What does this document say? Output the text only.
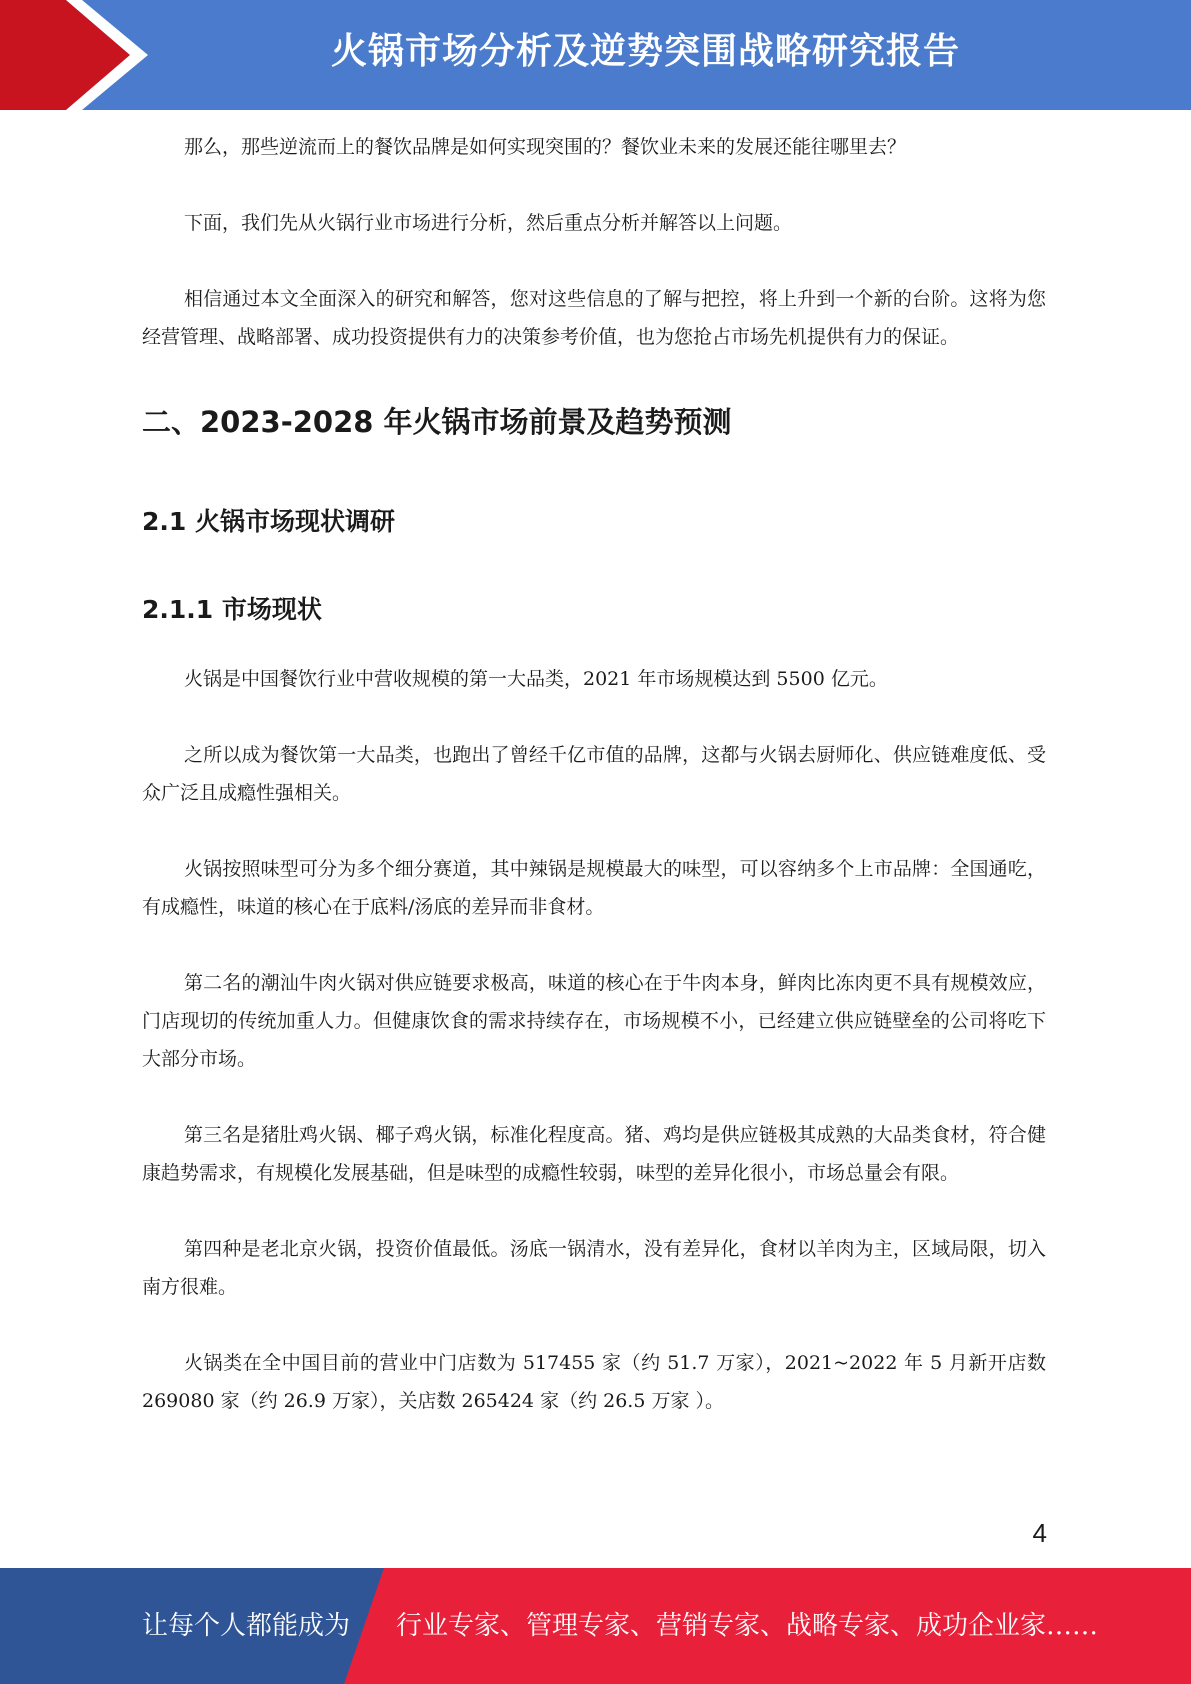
火锅市场分析及逆势突围战略研究报告

那么，那些逆流而上的餐饮品牌是如何实现突围的？餐饮业未来的发展还能往哪里去？

下面，我们先从火锅行业市场进行分析，然后重点分析并解答以上问题。

相信通过本文全面深入的研究和解答，您对这些信息的了解与把控，将上升到一个新的台阶。这将为您经营管理、战略部署、成功投资提供有力的决策参考价值，也为您抢占市场先机提供有力的保证。

二、2023-2028 年火锅市场前景及趋势预测
2.1 火锅市场现状调研
2.1.1 市场现状

火锅是中国餐饮行业中营收规模的第一大品类，2021 年市场规模达到 5500 亿元。

之所以成为餐饮第一大品类，也跑出了曾经千亿市值的品牌，这都与火锅去厨师化、供应链难度低、受众广泛且成瘾性强相关。

火锅按照味型可分为多个细分赛道，其中辣锅是规模最大的味型，可以容纳多个上市品牌：全国通吃，有成瘾性，味道的核心在于底料/汤底的差异而非食材。

第二名的潮汕牛肉火锅对供应链要求极高，味道的核心在于牛肉本身，鲜肉比冻肉更不具有规模效应，门店现切的传统加重人力。但健康饮食的需求持续存在，市场规模不小，已经建立供应链壁垒的公司将吃下大部分市场。

第三名是猪肚鸡火锅、椰子鸡火锅，标准化程度高。猪、鸡均是供应链极其成熟的大品类食材，符合健康趋势需求，有规模化发展基础，但是味型的成瘾性较弱，味型的差异化很小，市场总量会有限。

第四种是老北京火锅，投资价值最低。汤底一锅清水，没有差异化，食材以羊肉为主，区域局限，切入南方很难。

火锅类在全中国目前的营业中门店数为 517455 家（约 51.7 万家），2021~2022 年 5 月新开店数 269080 家（约 26.9 万家），关店数 265424 家（约 26.5 万家 ）。

4
让每个人都能成为 行业专家、管理专家、营销专家、战略专家、成功企业家……
